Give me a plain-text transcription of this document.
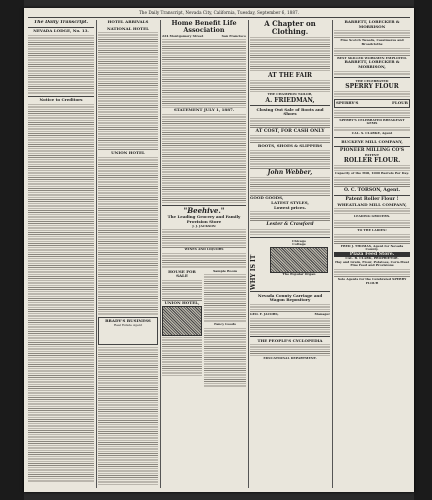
The Daily Transcript, Nevada City, California, Tuesday, September 6, 1887.
The Daily Transcript.
NEVADA LODGE, No. 13.
Notice to Creditors
HOTEL ARRIVALS
NATIONAL HOTEL
UNION HOTEL
BRADY'S BUSINESS
Real Estate Agent
Home Benefit Life Association
224 Montgomery Street	San Francisco
STATEMENT JULY 1, 1887.
"Beehive."
The Leading Grocery and Family Provision Store
J. J. JACKSON
WINES AND LIQUORS
HOUSE FOR SALE
UNION HOTEL,
Sample Room
Fancy Goods
A Chapter on Clothing.
AT THE FAIR
THE CHAMPION TAILOR,
A. FRIEDMAN,
Closing Out Sale of Boots and Shoes
AT COST, FOR CASH ONLY
BOOTS, SHOES & SLIPPERS
John Webber,
GOOD GOODS,
LATEST STYLES,
Lowest prices.
Lester & Crawford
WHY IS IT
Chicago
Cottage
The Popular Organ
Nevada County Carriage and Wagon Repository
GEO. F. JACOBS,	Manager
THE PEOPLE'S CYCLOPEDIA
EDUCATIONAL DEPARTMENT.
BARRETT, LOBECKER & MORRISON
Fine Scotch Tweeds, Cassimeres and Broadcloths
BEST SKILLED WORKMEN EMPLOYED.
BARRETT, LOBECKER & MORRISON,
THE CELEBRATED
SPERRY FLOUR
SPERRY'S	FLOUR
SPERRY'S CELEBRATED BREAKFAST GEMS
CAL. S. CLARKE, Agent
BUCKEYE MILL COMPANY,
PIONEER MILLING CO'S
PATENT
ROLLER FLOUR.
Capacity of the Mill, 1000 Barrels Per Day.
O. C. TORSON, Agent.
Patent Roller Flour !
WHEATLAND MILL COMPANY,
LEADING GROCERS.
TO THE LADIES!
FRED J. THOMAS, Agent for Nevada County.
Plaza Feed Store.
CAL. B. CLARK, PROPRIETOR.
Hay and Grain, Flour, Potatoes, Corn-Meal
Fine Feed and Provisions
Sole Agents for the Celebrated SPERRY FLOUR
